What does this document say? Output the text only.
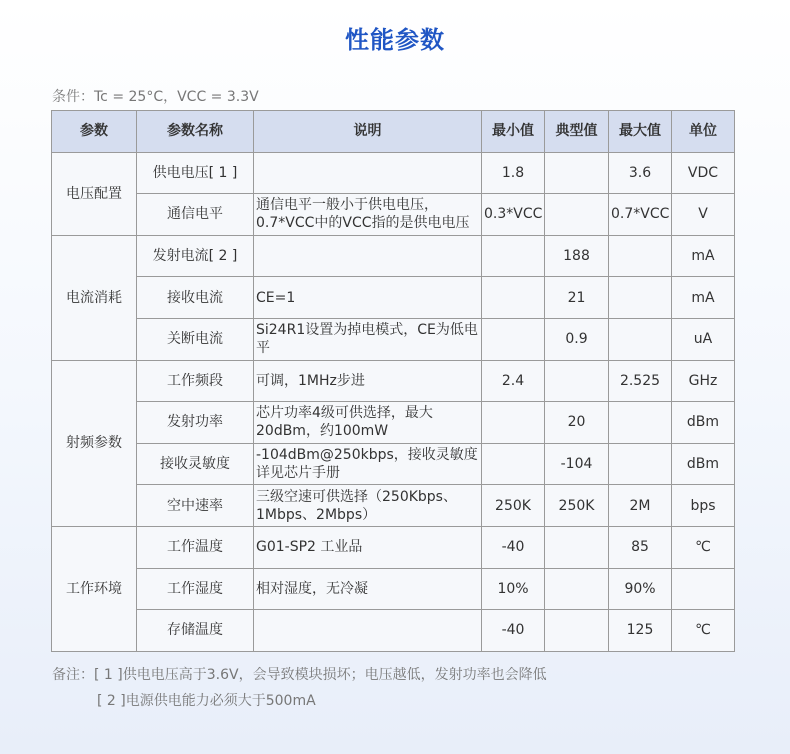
性能参数
条件：Tc = 25°C，VCC = 3.3V
参数	参数名称	说明	最小值	典型值	最大值	单位
电压配置	供电电压[ 1 ]		1.8		3.6	VDC
	通信电平	通信电平一般小于供电电压，0.7*VCC中的VCC指的是供电电压	0.3*VCC		0.7*VCC	V
电流消耗	发射电流[ 2 ]			188		mA
	接收电流	CE=1		21		mA
	关断电流	Si24R1设置为掉电模式，CE为低电平		0.9		uA
射频参数	工作频段	可调，1MHz步进	2.4		2.525	GHz
	发射功率	芯片功率4级可供选择，最大20dBm，约100mW		20		dBm
	接收灵敏度	-104dBm@250kbps，接收灵敏度详见芯片手册		-104		dBm
	空中速率	三级空速可供选择（250Kbps、1Mbps、2Mbps）	250K	250K	2M	bps
工作环境	工作温度	G01-SP2 工业品	-40		85	℃
	工作湿度	相对湿度，无冷凝	10%		90%	
	存储温度		-40		125	℃
备注：[ 1 ]供电电压高于3.6V，会导致模块损坏；电压越低，发射功率也会降低
[ 2 ]电源供电能力必须大于500mA
